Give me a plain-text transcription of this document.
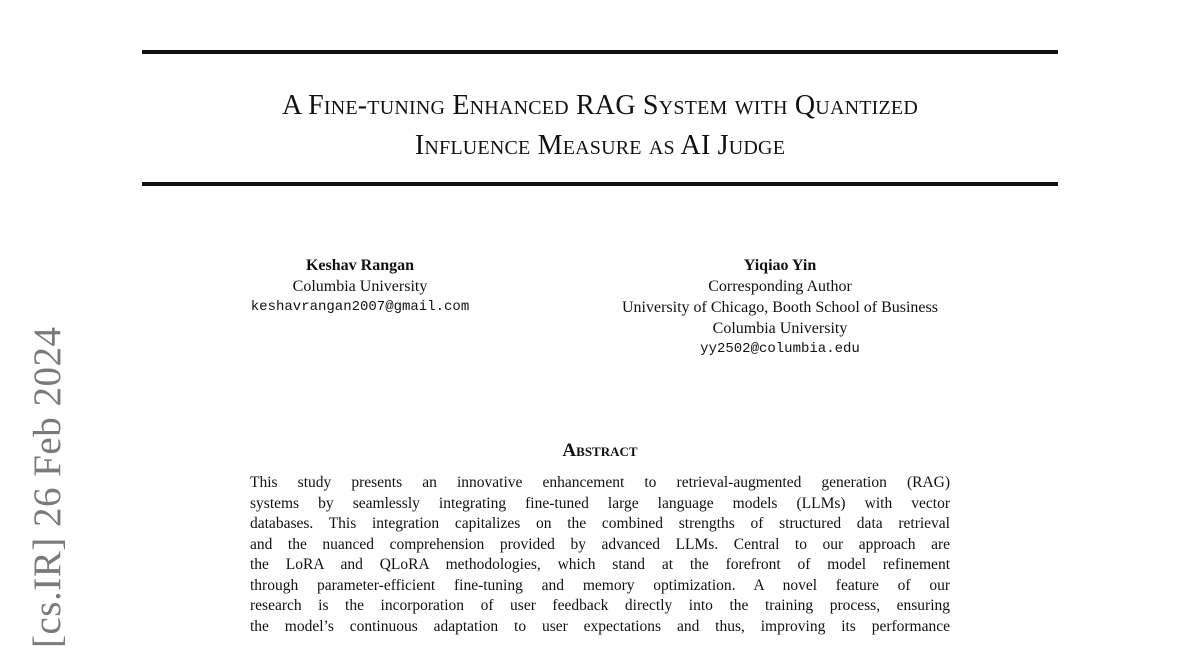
A Fine-tuning Enhanced RAG System with Quantized
Influence Measure as AI Judge
Keshav Rangan
Columbia University
keshavrangan2007@gmail.com
Yiqiao Yin
Corresponding Author
University of Chicago, Booth School of Business
Columbia University
yy2502@columbia.edu
Abstract
This study presents an innovative enhancement to retrieval-augmented generation (RAG)
systems by seamlessly integrating fine-tuned large language models (LLMs) with vector
databases. This integration capitalizes on the combined strengths of structured data retrieval
and the nuanced comprehension provided by advanced LLMs. Central to our approach are
the LoRA and QLoRA methodologies, which stand at the forefront of model refinement
through parameter-efficient fine-tuning and memory optimization. A novel feature of our
research is the incorporation of user feedback directly into the training process, ensuring
the model’s continuous adaptation to user expectations and thus, improving its performance
[cs.IR] 26 Feb 2024
